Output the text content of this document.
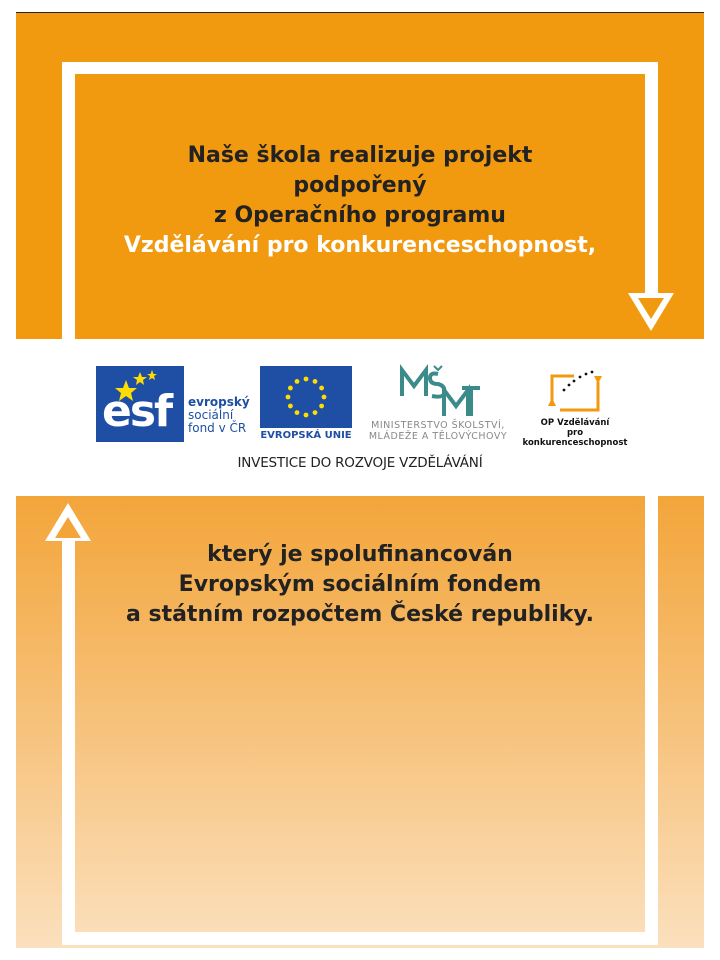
Naše škola realizuje projekt
podpořený
z Operačního programu
Vzdělávání pro konkurenceschopnost,
esf evropský
sociální
fond v ČR
EVROPSKÁ UNIE
MINISTERSTVO ŠKOLSTVÍ,
MLÁDEŽE A TĚLOVÝCHOVY
OP Vzdělávání
pro konkurenceschopnost
INVESTICE DO ROZVOJE VZDĚLÁVÁNÍ
který je spolufinancován
Evropským sociálním fondem
a státním rozpočtem České republiky.
